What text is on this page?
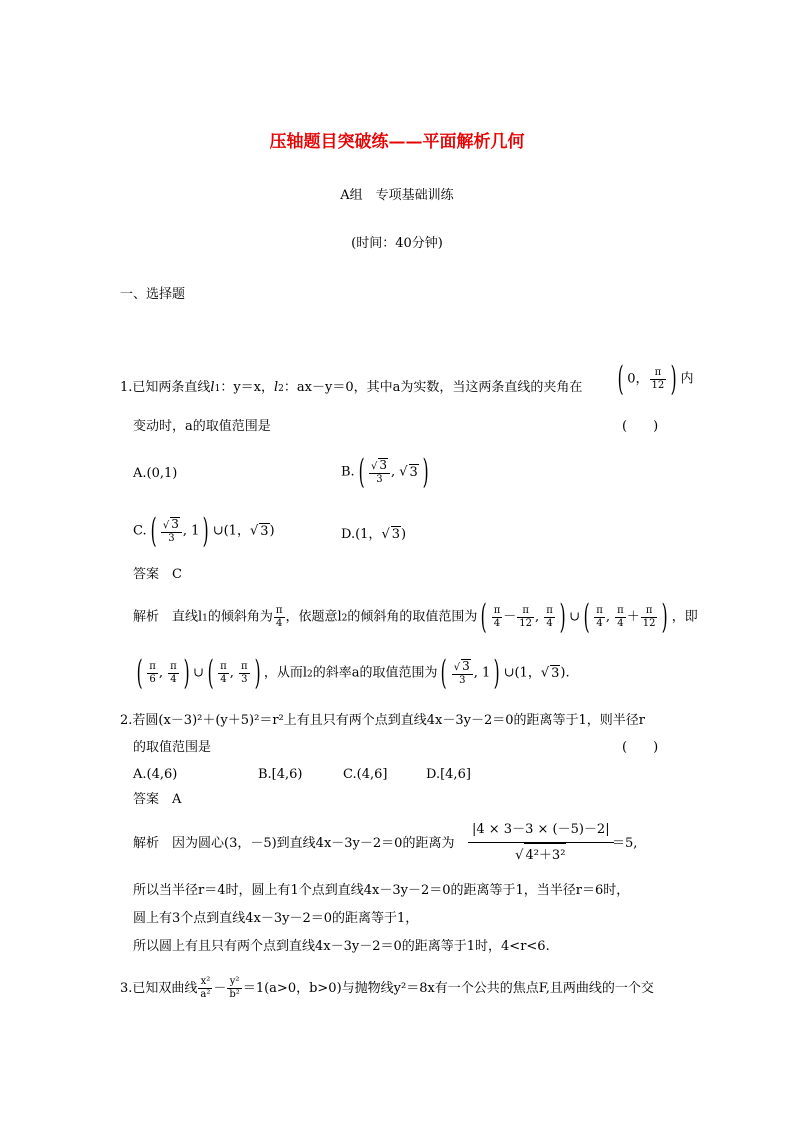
压轴题目突破练——平面解析几何
A组　专项基础训练
(时间：40分钟)
一、选择题
1.已知两条直线l1：y＝x，l2：ax－y＝0，其中a为实数，当这两条直线的夹角在 ( 0， $\frac{\pi}{12}$ ) 内
变动时，a的取值范围是	(　　)
A.(0,1)	B. ( $\frac{√ 3}{3}$ , √ 3 )
C. ( $\frac{√ 3}{3}$ , 1 ) ∪(1，√ 3)	D.(1，√ 3)
答案　C
解析　直线l1的倾斜角为 $\frac{\pi}{4}$ ，依题意l2的倾斜角的取值范围为 ( $\frac{\pi}{4} - \frac{\pi}{12}$ , $\frac{\pi}{4}$ ) ∪ ( $\frac{\pi}{4}$ , $\frac{\pi}{4} + \frac{\pi}{12}$ ) ，即
( $\frac{\pi}{6}$ , $\frac{\pi}{4}$ ) ∪ ( $\frac{\pi}{4}$ , $\frac{\pi}{3}$ ) ，从而l2的斜率a的取值范围为 ( $\frac{√ 3}{3}$ , 1 ) ∪(1，√ 3).
2.若圆(x－3)²＋(y＋5)²＝r²上有且只有两个点到直线4x－3y－2＝0的距离等于1，则半径r
的取值范围是	(　　)
A.(4,6)	B.[4,6)	C.(4,6]	D.[4,6]
答案　A
解析　因为圆心(3，－5)到直线4x－3y－2＝0的距离为
|4 × 3－3 × (－5)－2|
√ 4²＋3²
＝5,
所以当半径r＝4时，圆上有1个点到直线4x－3y－2＝0的距离等于1，当半径r＝6时，
圆上有3个点到直线4x－3y－2＝0的距离等于1，
所以圆上有且只有两个点到直线4x－3y－2＝0的距离等于1时，4<r<6.
3.已知双曲线 $\frac{\text{x²}}{\text{a²}} - \frac{\text{y²}}{\text{b²}} =1(a>0$，b>0)与抛物线y²＝8x有一个公共的焦点F,且两曲线的一个交
